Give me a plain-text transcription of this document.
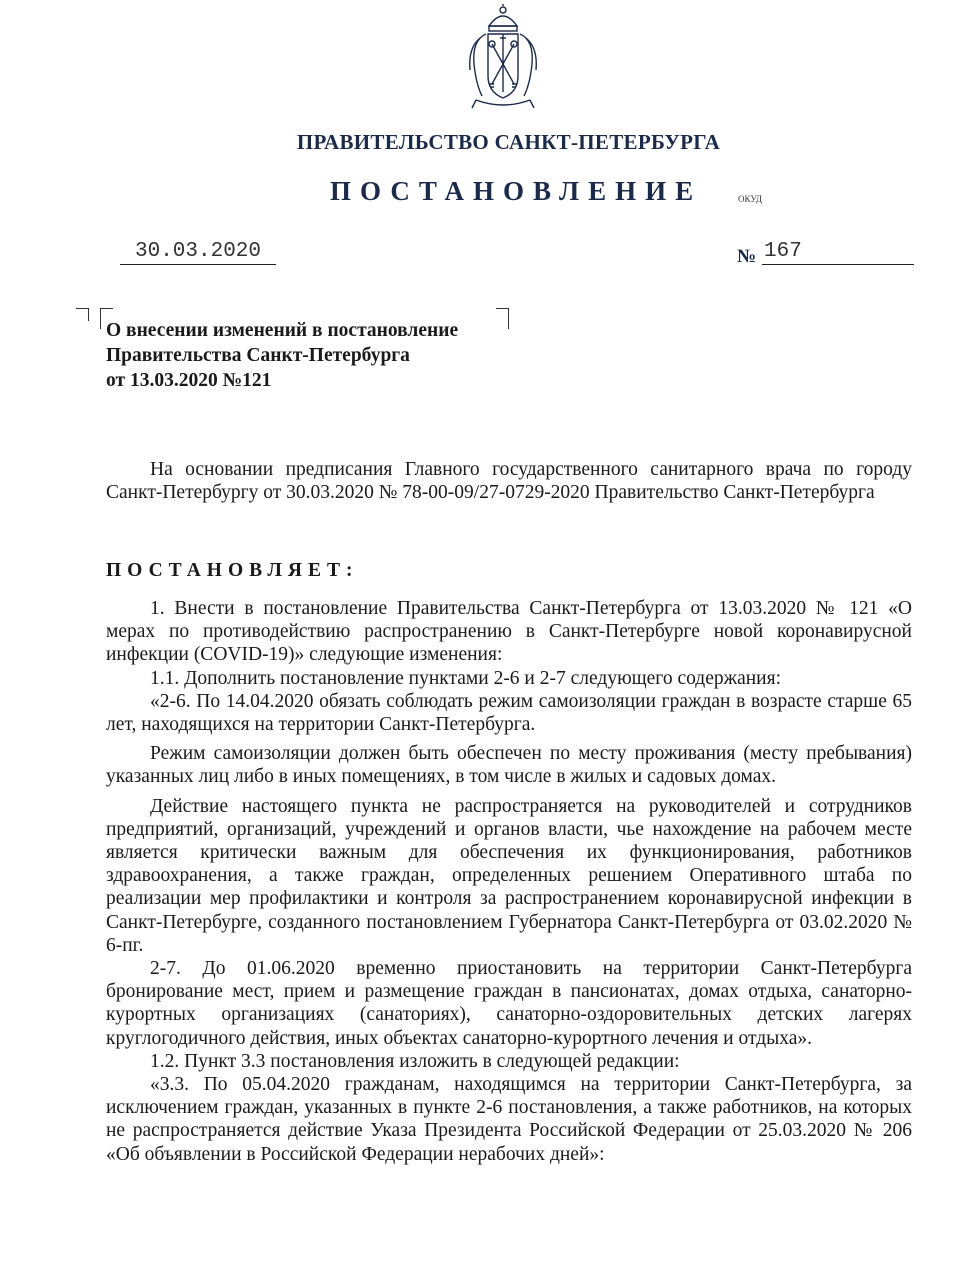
ПРАВИТЕЛЬСТВО САНКТ-ПЕТЕРБУРГА
ПОСТАНОВЛЕНИЕ	ОКУД
30.03.2020	№ 167
О внесении изменений в постановление
Правительства Санкт-Петербурга
от 13.03.2020 №121

На основании предписания Главного государственного санитарного врача по городу Санкт-Петербургу от 30.03.2020 № 78-00-09/27-0729-2020 Правительство Санкт-Петербурга

ПОСТАНОВЛЯЕТ:

1. Внести в постановление Правительства Санкт-Петербурга от 13.03.2020 № 121 «О мерах по противодействию распространению в Санкт-Петербурге новой коронавирусной инфекции (COVID-19)» следующие изменения:

1.1. Дополнить постановление пунктами 2-6 и 2-7 следующего содержания:

«2-6. По 14.04.2020 обязать соблюдать режим самоизоляции граждан в возрасте старше 65 лет, находящихся на территории Санкт-Петербурга.

Режим самоизоляции должен быть обеспечен по месту проживания (месту пребывания) указанных лиц либо в иных помещениях, в том числе в жилых и садовых домах.

Действие настоящего пункта не распространяется на руководителей и сотрудников предприятий, организаций, учреждений и органов власти, чье нахождение на рабочем месте является критически важным для обеспечения их функционирования, работников здравоохранения, а также граждан, определенных решением Оперативного штаба по реализации мер профилактики и контроля за распространением коронавирусной инфекции в Санкт-Петербурге, созданного постановлением Губернатора Санкт-Петербурга от 03.02.2020 № 6-пг.

2-7. До 01.06.2020 временно приостановить на территории Санкт-Петербурга бронирование мест, прием и размещение граждан в пансионатах, домах отдыха, санаторно-курортных организациях (санаториях), санаторно-оздоровительных детских лагерях круглогодичного действия, иных объектах санаторно-курортного лечения и отдыха».

1.2. Пункт 3.3 постановления изложить в следующей редакции:

«3.3. По 05.04.2020 гражданам, находящимся на территории Санкт-Петербурга, за исключением граждан, указанных в пункте 2-6 постановления, а также работников, на которых не распространяется действие Указа Президента Российской Федерации от 25.03.2020 № 206 «Об объявлении в Российской Федерации нерабочих дней»:
